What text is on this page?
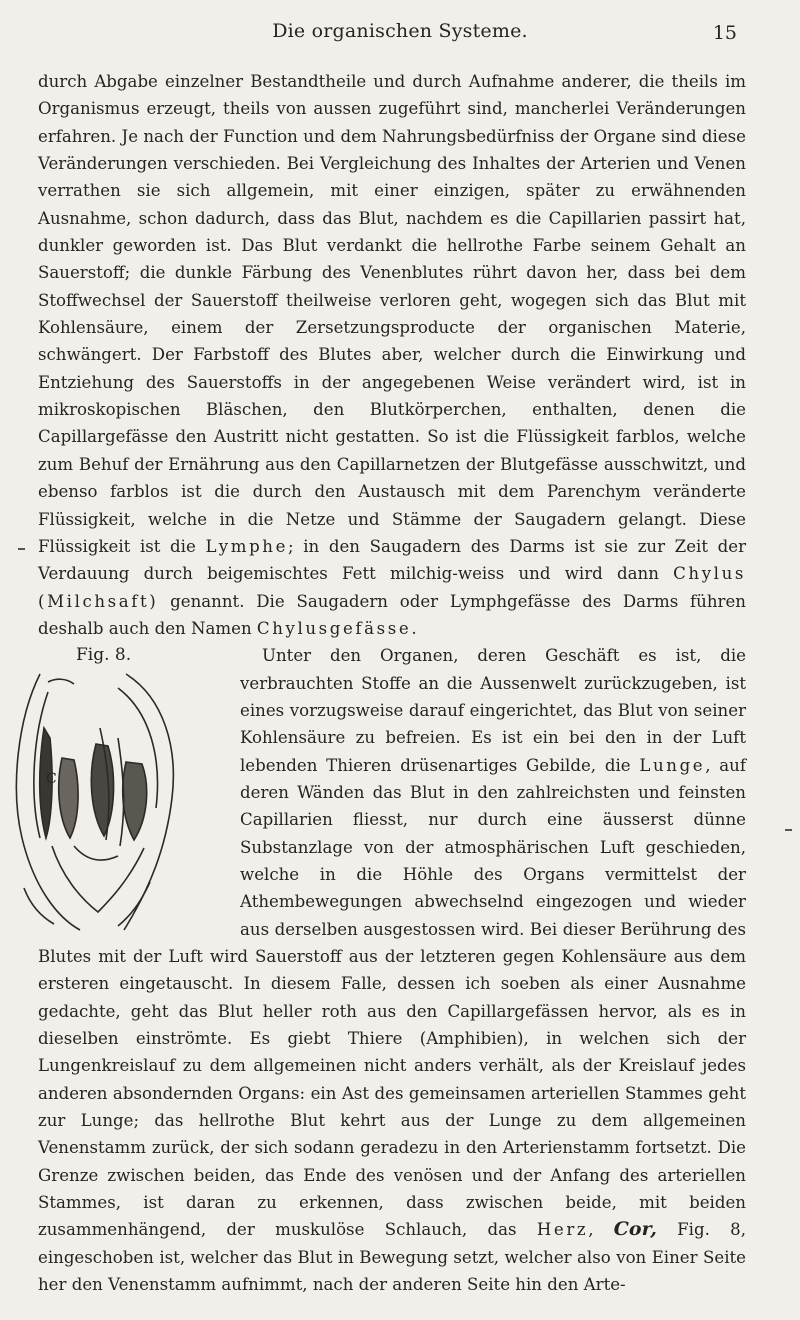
Die organischen Systeme.	15

durch Abgabe einzelner Bestandtheile und durch Aufnahme anderer, die theils im Organismus erzeugt, theils von aussen zugeführt sind, mancherlei Veränderungen erfahren. Je nach der Function und dem Nahrungsbedürfniss der Organe sind diese Veränderungen verschieden. Bei Vergleichung des Inhaltes der Arterien und Venen verrathen sie sich allgemein, mit einer einzigen, später zu erwähnenden Ausnahme, schon dadurch, dass das Blut, nachdem es die Capillarien passirt hat, dunkler geworden ist. Das Blut verdankt die hellrothe Farbe seinem Gehalt an Sauerstoff; die dunkle Färbung des Venenblutes rührt davon her, dass bei dem Stoffwechsel der Sauerstoff theilweise verloren geht, wogegen sich das Blut mit Kohlensäure, einem der Zersetzungsproducte der organischen Materie, schwängert. Der Farbstoff des Blutes aber, welcher durch die Einwirkung und Entziehung des Sauerstoffs in der angegebenen Weise verändert wird, ist in mikroskopischen Bläschen, den Blutkörperchen, enthalten, denen die Capillargefässe den Austritt nicht gestatten. So ist die Flüssigkeit farblos, welche zum Behuf der Ernährung aus den Capillarnetzen der Blutgefässe ausschwitzt, und ebenso farblos ist die durch den Austausch mit dem Parenchym veränderte Flüssigkeit, welche in die Netze und Stämme der Saugadern gelangt. Diese Flüssigkeit ist die Lymphe; in den Saugadern des Darms ist sie zur Zeit der Verdauung durch beigemischtes Fett milchig-weiss und wird dann Chylus (Milchsaft) genannt. Die Saugadern oder Lymphgefässe des Darms führen deshalb auch den Namen Chylusgefässe.

Fig. 8.
C
Unter den Organen, deren Geschäft es ist, die verbrauchten Stoffe an die Aussenwelt zurückzugeben, ist eines vorzugsweise darauf eingerichtet, das Blut von seiner Kohlensäure zu befreien. Es ist ein bei den in der Luft lebenden Thieren drüsenartiges Gebilde, die Lunge, auf deren Wänden das Blut in den zahlreichsten und feinsten Capillarien fliesst, nur durch eine äusserst dünne Substanzlage von der atmosphärischen Luft geschieden, welche in die Höhle des Organs vermittelst der Athembewegungen abwechselnd eingezogen und wieder aus derselben ausgestossen wird. Bei dieser Berührung des Blutes mit der Luft wird Sauerstoff aus der letzteren gegen Kohlensäure aus dem ersteren eingetauscht. In diesem Falle, dessen ich soeben als einer Ausnahme gedachte, geht das Blut heller roth aus den Capillargefässen hervor, als es in dieselben einströmte. Es giebt Thiere (Amphibien), in welchen sich der Lungenkreislauf zu dem allgemeinen nicht anders verhält, als der Kreislauf jedes anderen absondernden Organs: ein Ast des gemeinsamen arteriellen Stammes geht zur Lunge; das hellrothe Blut kehrt aus der Lunge zu dem allgemeinen Venenstamm zurück, der sich sodann geradezu in den Arterienstamm fortsetzt. Die Grenze zwischen beiden, das Ende des venösen und der Anfang des arteriellen Stammes, ist daran zu erkennen, dass zwischen beide, mit beiden zusammenhängend, der muskulöse Schlauch, das Herz, Cor, Fig. 8, eingeschoben ist, welcher das Blut in Bewegung setzt, welcher also von Einer Seite her den Venenstamm aufnimmt, nach der anderen Seite hin den Arte-
